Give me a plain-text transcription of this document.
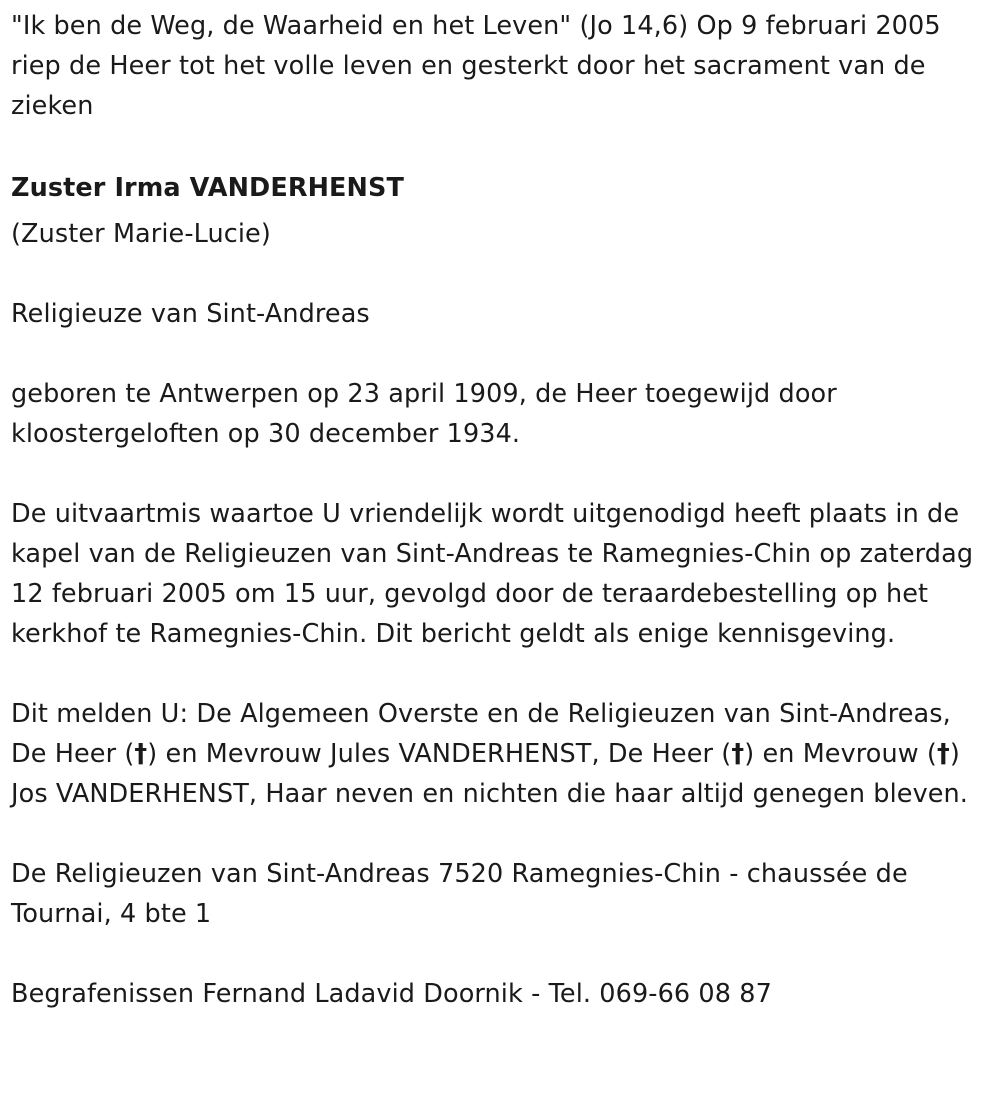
"Ik ben de Weg, de Waarheid en het Leven" (Jo 14,6) Op 9 februari 2005 riep de Heer tot het volle leven en gesterkt door het sacrament van de zieken

Zuster Irma VANDERHENST

(Zuster Marie-Lucie)

Religieuze van Sint-Andreas

geboren te Antwerpen op 23 april 1909, de Heer toegewijd door kloostergeloften op 30 december 1934.

De uitvaartmis waartoe U vriendelijk wordt uitgenodigd heeft plaats in de kapel van de Religieuzen van Sint-Andreas te Ramegnies-Chin op zaterdag 12 februari 2005 om 15 uur, gevolgd door de teraardebestelling op het kerkhof te Ramegnies-Chin. Dit bericht geldt als enige kennisgeving.

Dit melden U: De Algemeen Overste en de Religieuzen van Sint-Andreas, De Heer (†) en Mevrouw Jules VANDERHENST, De Heer (†) en Mevrouw (†) Jos VANDERHENST, Haar neven en nichten die haar altijd genegen bleven.

De Religieuzen van Sint-Andreas 7520 Ramegnies-Chin - chaussée de Tournai, 4 bte 1

Begrafenissen Fernand Ladavid Doornik - Tel. 069-66 08 87
